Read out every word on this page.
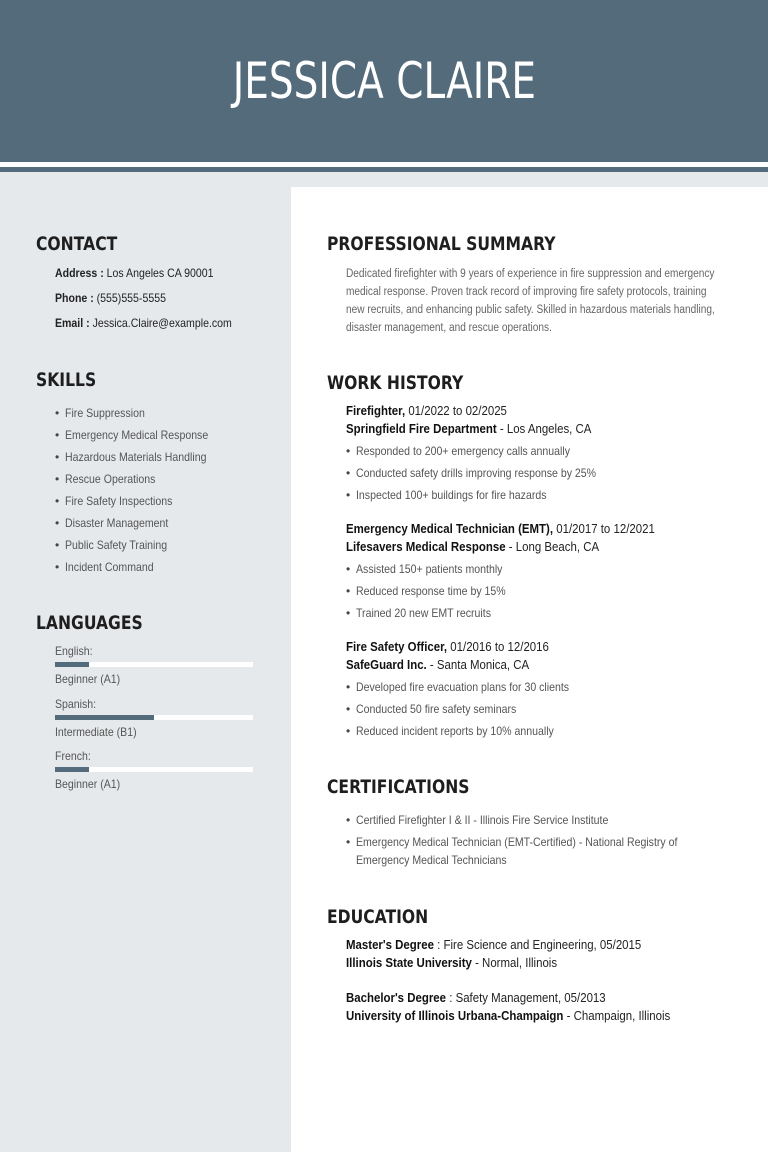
JESSICA CLAIRE
CONTACT
Address : Los Angeles CA 90001
Phone : (555)555-5555
Email : Jessica.Claire@example.com
SKILLS
• Fire Suppression
• Emergency Medical Response
• Hazardous Materials Handling
• Rescue Operations
• Fire Safety Inspections
• Disaster Management
• Public Safety Training
• Incident Command
LANGUAGES
English:
Beginner (A1)
Spanish:
Intermediate (B1)
French:
Beginner (A1)
PROFESSIONAL SUMMARY
Dedicated firefighter with 9 years of experience in fire suppression and emergency medical response. Proven track record of improving fire safety protocols, training new recruits, and enhancing public safety. Skilled in hazardous materials handling, disaster management, and rescue operations.
WORK HISTORY
Firefighter, 01/2022 to 02/2025
Springfield Fire Department - Los Angeles, CA
• Responded to 200+ emergency calls annually
• Conducted safety drills improving response by 25%
• Inspected 100+ buildings for fire hazards
Emergency Medical Technician (EMT), 01/2017 to 12/2021
Lifesavers Medical Response - Long Beach, CA
• Assisted 150+ patients monthly
• Reduced response time by 15%
• Trained 20 new EMT recruits
Fire Safety Officer, 01/2016 to 12/2016
SafeGuard Inc. - Santa Monica, CA
• Developed fire evacuation plans for 30 clients
• Conducted 50 fire safety seminars
• Reduced incident reports by 10% annually
CERTIFICATIONS
• Certified Firefighter I & II - Illinois Fire Service Institute
• Emergency Medical Technician (EMT-Certified) - National Registry of Emergency Medical Technicians
EDUCATION
Master's Degree : Fire Science and Engineering, 05/2015
Illinois State University - Normal, Illinois
Bachelor's Degree : Safety Management, 05/2013
University of Illinois Urbana-Champaign - Champaign, Illinois
